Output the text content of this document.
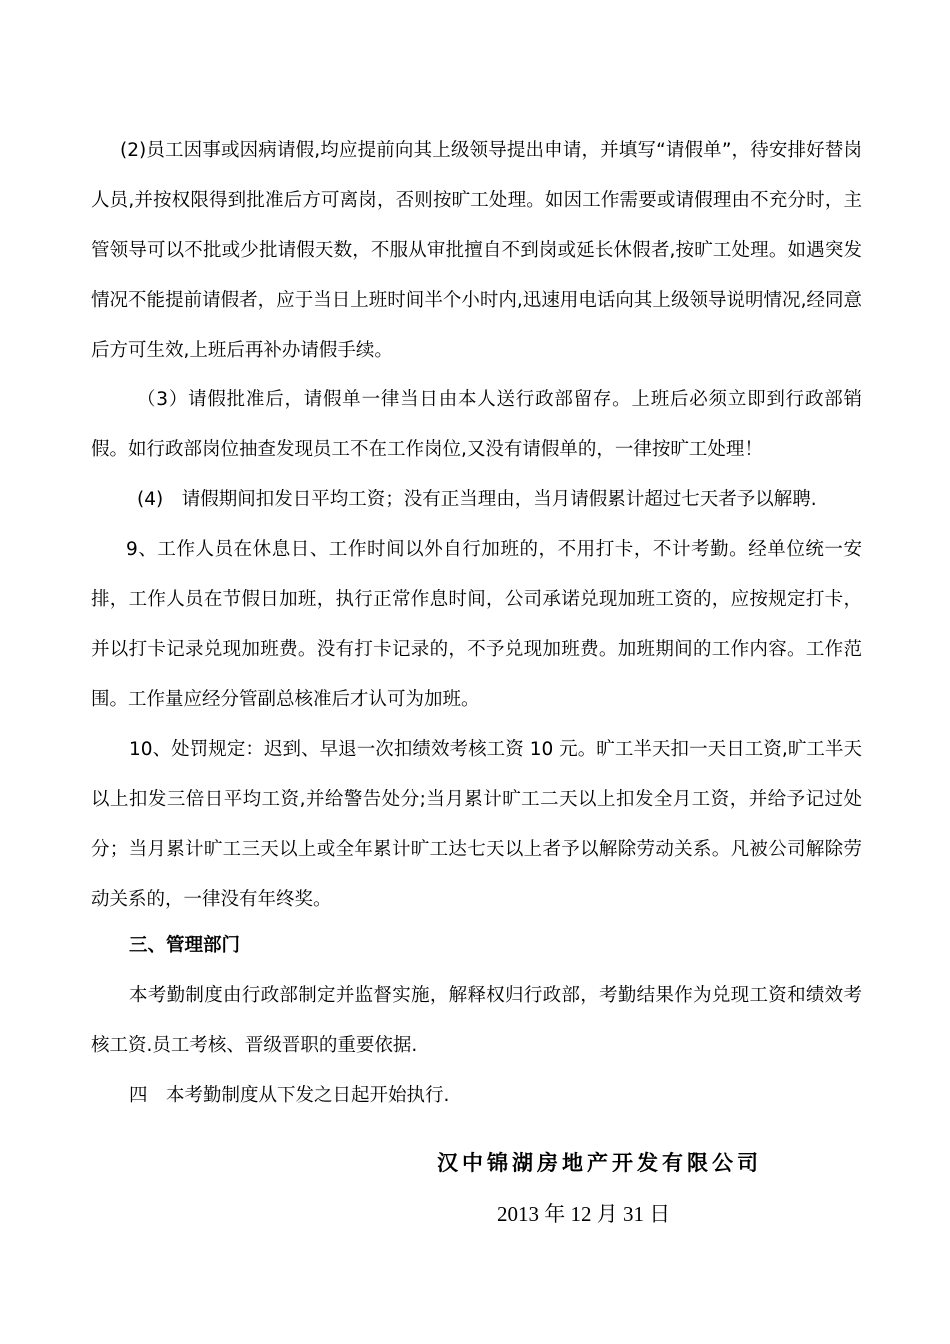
(2)员工因事或因病请假,均应提前向其上级领导提出申请，并填写“请假单”，待安排好替岗人员,并按权限得到批准后方可离岗，否则按旷工处理。如因工作需要或请假理由不充分时，主管领导可以不批或少批请假天数，不服从审批擅自不到岗或延长休假者,按旷工处理。如遇突发情况不能提前请假者，应于当日上班时间半个小时内,迅速用电话向其上级领导说明情况,经同意后方可生效,上班后再补办请假手续。

（3）请假批准后，请假单一律当日由本人送行政部留存。上班后必须立即到行政部销假。如行政部岗位抽查发现员工不在工作岗位,又没有请假单的，一律按旷工处理！

(4)　请假期间扣发日平均工资；没有正当理由，当月请假累计超过七天者予以解聘.

9、工作人员在休息日、工作时间以外自行加班的，不用打卡，不计考勤。经单位统一安排，工作人员在节假日加班，执行正常作息时间，公司承诺兑现加班工资的，应按规定打卡，并以打卡记录兑现加班费。没有打卡记录的，不予兑现加班费。加班期间的工作内容。工作范围。工作量应经分管副总核准后才认可为加班。

10、处罚规定：迟到、早退一次扣绩效考核工资 10 元。旷工半天扣一天日工资,旷工半天以上扣发三倍日平均工资,并给警告处分;当月累计旷工二天以上扣发全月工资，并给予记过处分；当月累计旷工三天以上或全年累计旷工达七天以上者予以解除劳动关系。凡被公司解除劳动关系的，一律没有年终奖。

三、管理部门

本考勤制度由行政部制定并监督实施，解释权归行政部，考勤结果作为兑现工资和绩效考核工资.员工考核、晋级晋职的重要依据.

四　本考勤制度从下发之日起开始执行.

汉中锦湖房地产开发有限公司

2013 年 12 月 31 日
